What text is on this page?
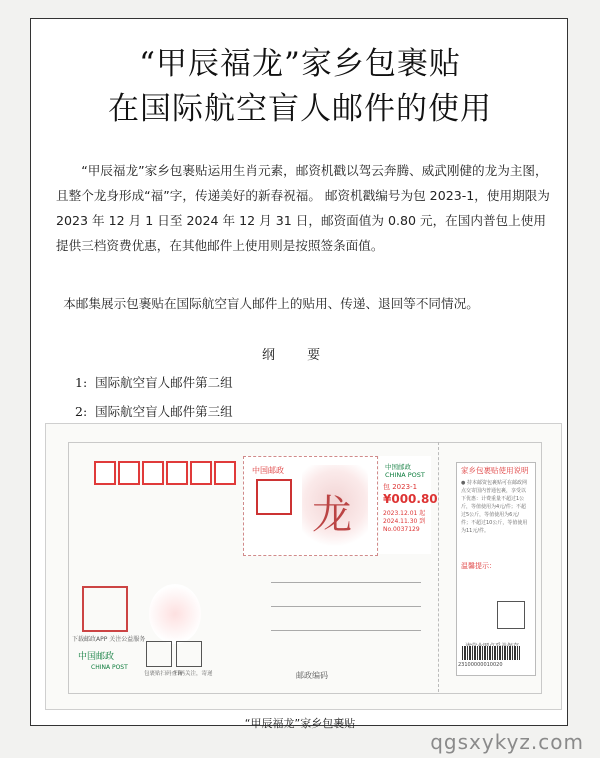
“甲辰福龙”家乡包裹贴
在国际航空盲人邮件的使用
“甲辰福龙”家乡包裹贴运用生肖元素，邮资机戳以驾云奔腾、威武刚健的龙为主图，且整个龙身形成“福”字，传递美好的新春祝福。 邮资机戳编号为包 2023-1，使用期限为 2023 年 12 月 1 日至 2024 年 12 月 31 日，邮资面值为 0.80 元，在国内普包上使用提供三档资费优惠，在其他邮件上使用则是按照签条面值。
本邮集展示包裹贴在国际航空盲人邮件上的贴用、传递、退回等不同情况。
纲 要
1: 国际航空盲人邮件第二组
2: 国际航空盲人邮件第三组
中国邮政
龙
中国邮政 CHINA POST
包 2023-1
¥000.80
2023.12.01 起
2024.11.30 到
No.0037129
邮政编码
下载邮政APP 关注公益服务
包裹贴扫码查询
扫码关注，寄递
中国邮政
CHINA POST
家乡包裹贴使用说明
● 持本邮资包裹贴可在邮政网点交寄国内普通包裹，享受以下优惠：计费重量不超过1公斤，等值使用为4元/件；不超过5公斤，等值使用为6元/件；不超过10公斤，等值使用为11元/件。
温馨提示：
23100000010020
“甲辰福龙”家乡包裹贴
qgsxykyz.com
